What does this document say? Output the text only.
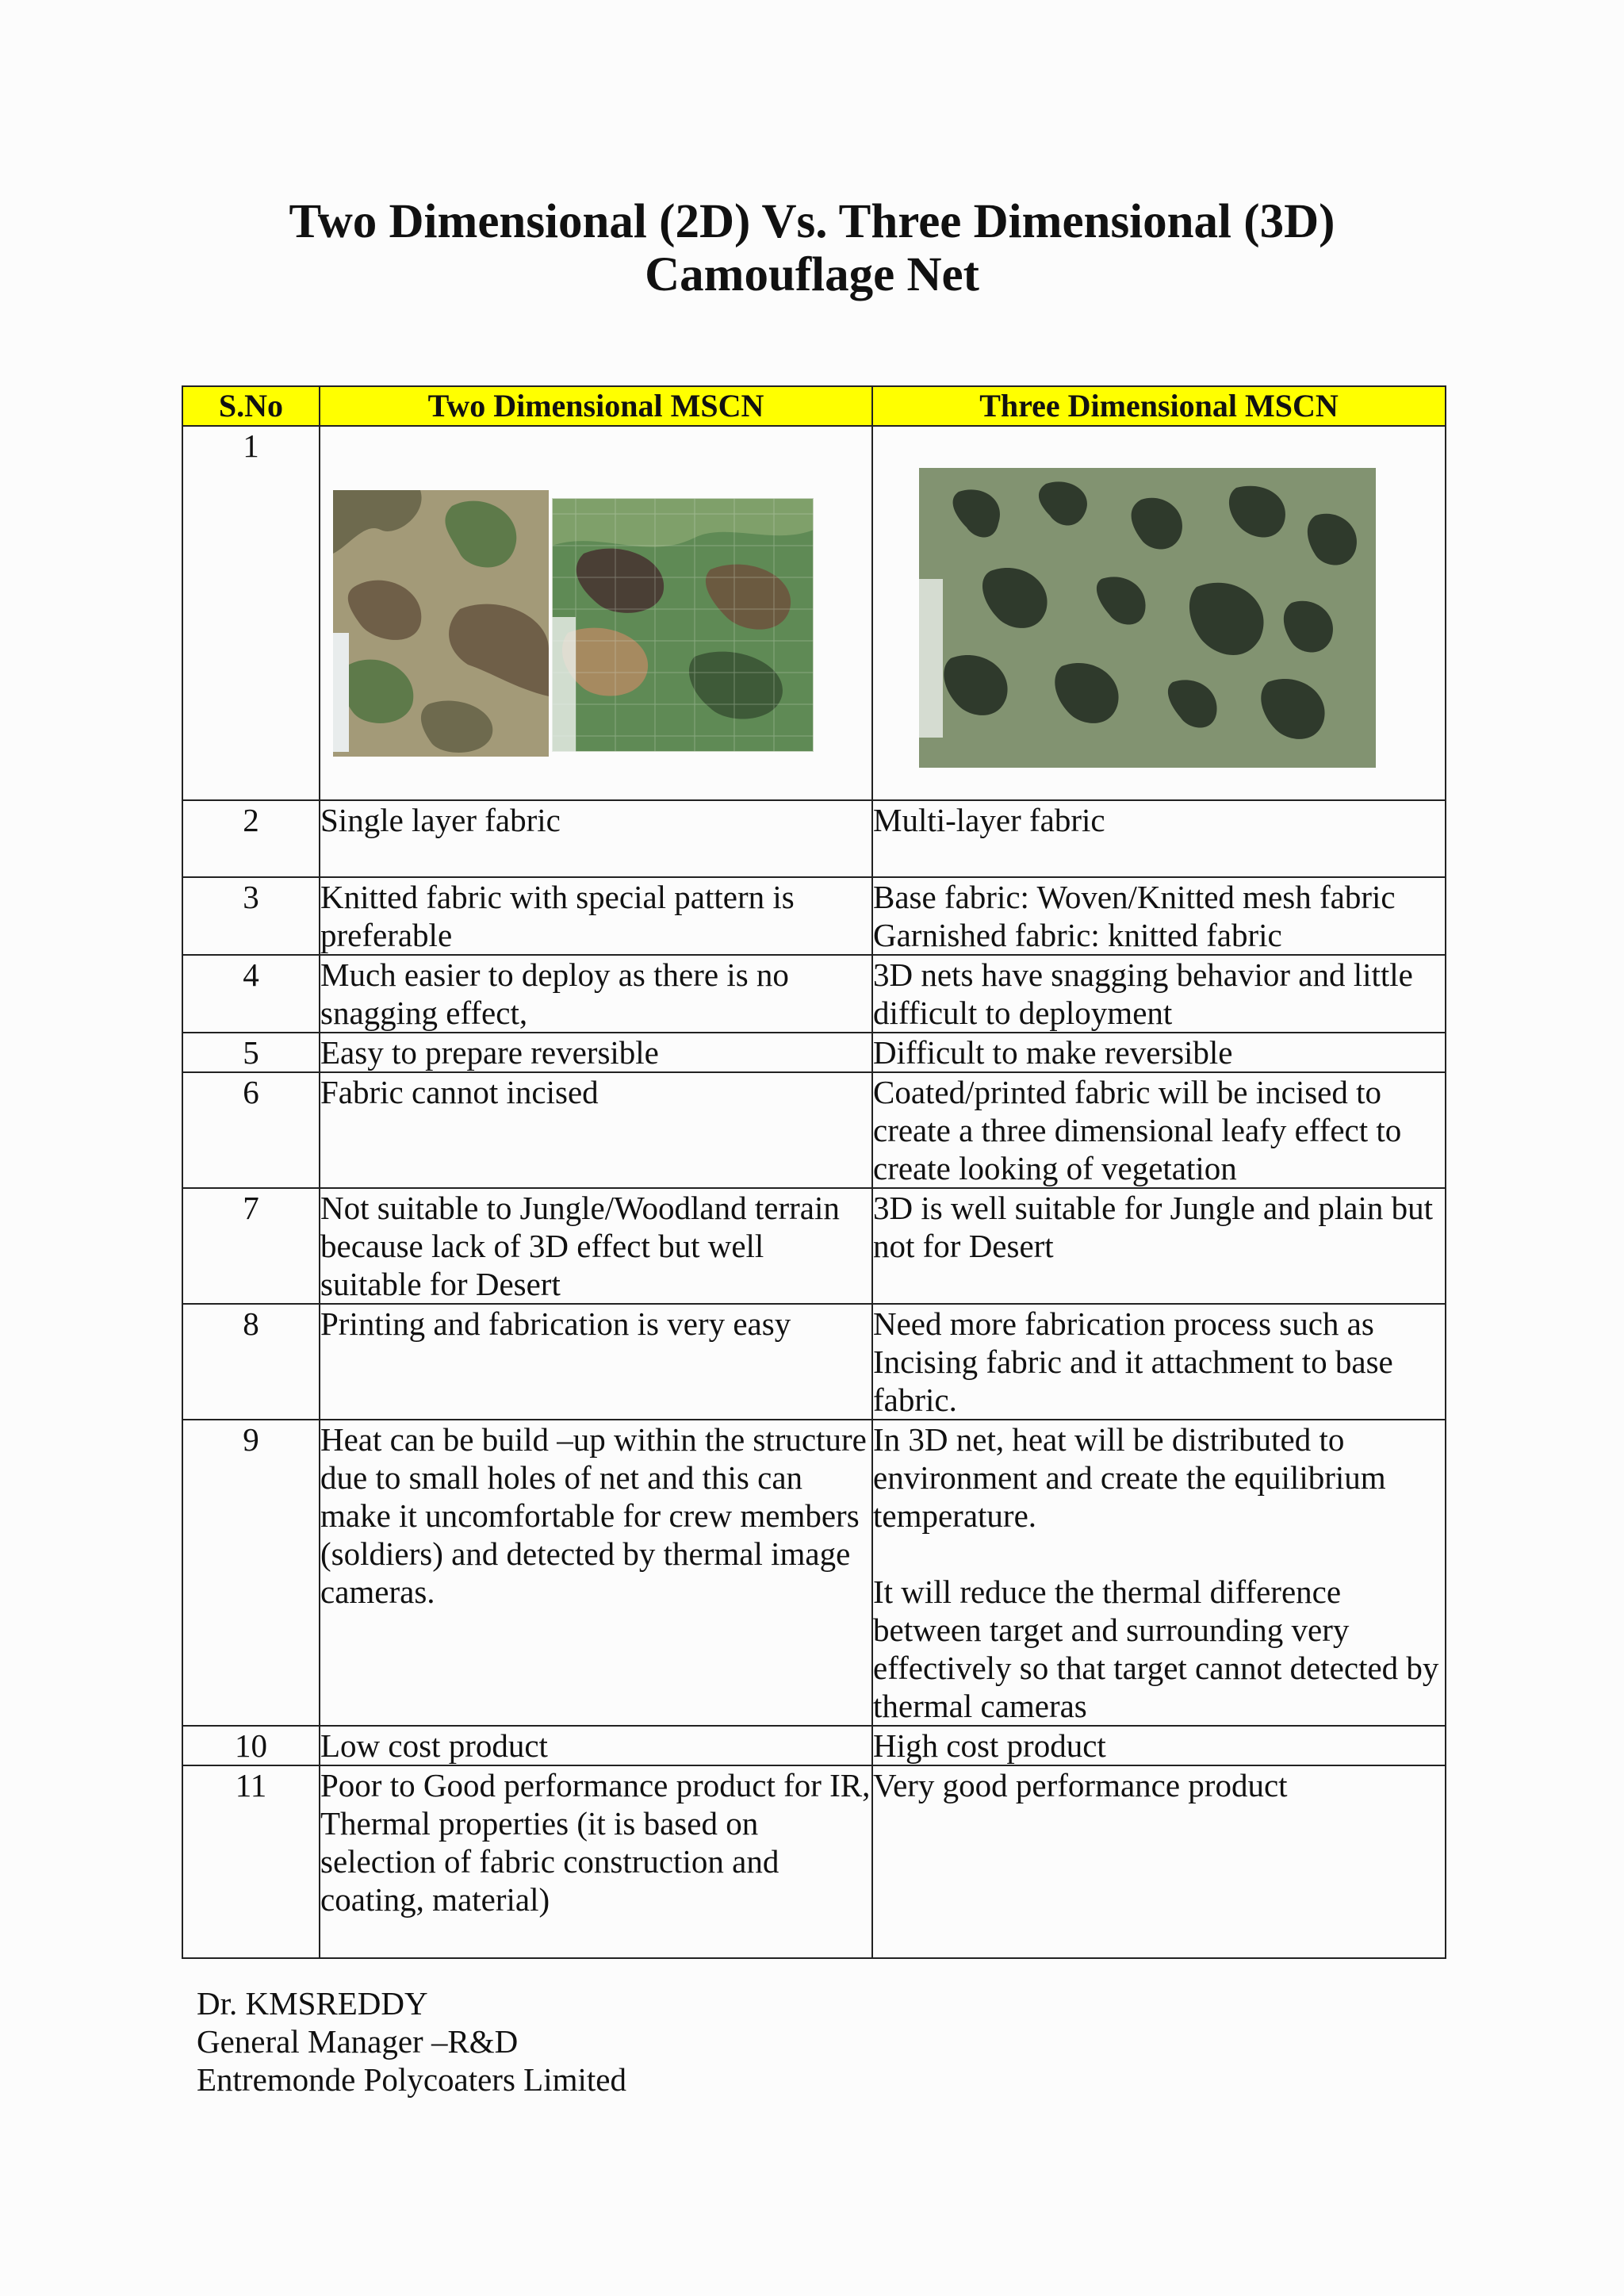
Two Dimensional (2D) Vs. Three Dimensional (3D)
Camouflage Net
S.No	Two Dimensional MSCN	Three Dimensional MSCN
1	

2	Single layer fabric	Multi-layer fabric

3	Knitted fabric with special pattern is preferable	Base fabric: Woven/Knitted mesh fabric
Garnished fabric: knitted fabric

4	Much easier to deploy as there is no snagging effect,	3D nets have snagging behavior and little difficult to deployment

5	Easy to prepare reversible	Difficult to make reversible

6	Fabric cannot incised	Coated/printed fabric will be incised to create a three dimensional leafy effect to create looking of vegetation

7	Not suitable to Jungle/Woodland terrain because lack of 3D effect but well suitable for Desert	3D is well suitable for Jungle and plain but not for Desert

8	Printing and fabrication is very easy	Need more fabrication process such as Incising fabric and it attachment to base fabric.

9	Heat can be build –up within the structure due to small holes of net and this can make it uncomfortable for crew members (soldiers) and detected by thermal image cameras.	In 3D net, heat will be distributed to environment and create the equilibrium temperature.
It will reduce the thermal difference between target and surrounding very effectively so that target cannot detected by thermal cameras

10	Low cost product	High cost product

11	Poor to Good performance product for IR, Thermal properties (it is based on selection of fabric construction and coating, material)	Very good performance product
Dr. KMSREDDY
General Manager –R&D
Entremonde Polycoaters Limited
